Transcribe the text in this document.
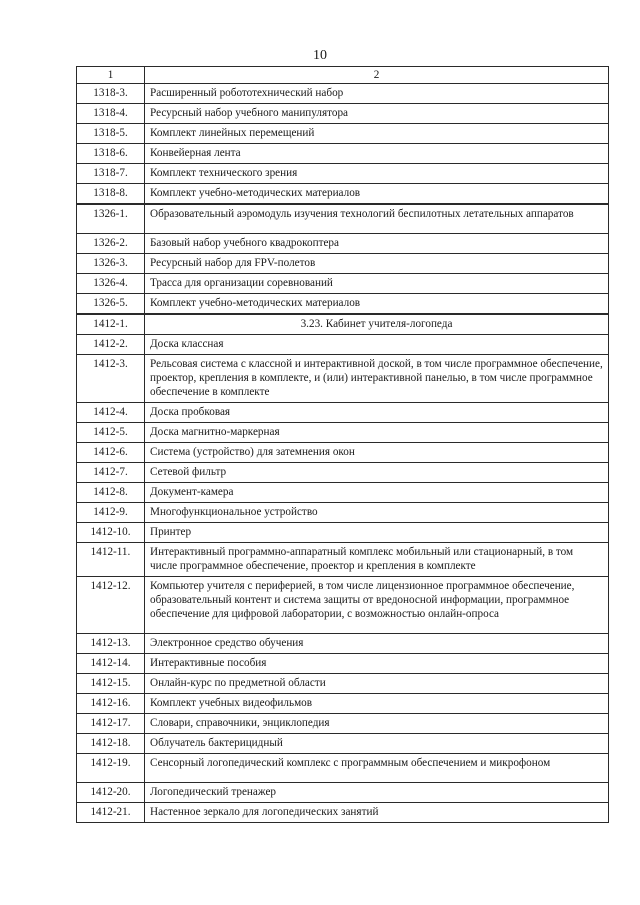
10
1	2
1318-3.	Расширенный робототехнический набор
1318-4.	Ресурсный набор учебного манипулятора
1318-5.	Комплект линейных перемещений
1318-6.	Конвейерная лента
1318-7.	Комплект технического зрения
1318-8.	Комплект учебно-методических материалов
1326-1.	Образовательный аэромодуль изучения технологий беспилотных летательных аппаратов
1326-2.	Базовый набор учебного квадрокоптера
1326-3.	Ресурсный набор для FPV-полетов
1326-4.	Трасса для организации соревнований
1326-5.	Комплект учебно-методических материалов
1412-1.	3.23. Кабинет учителя-логопеда
1412-2.	Доска классная
1412-3.	Рельсовая система с классной и интерактивной доской, в том числе программное обеспечение, проектор, крепления в комплекте, и (или) интерактивной панелью, в том числе программное обеспечение в комплекте
1412-4.	Доска пробковая
1412-5.	Доска магнитно-маркерная
1412-6.	Система (устройство) для затемнения окон
1412-7.	Сетевой фильтр
1412-8.	Документ-камера
1412-9.	Многофункциональное устройство
1412-10.	Принтер
1412-11.	Интерактивный программно-аппаратный комплекс мобильный или стационарный, в том числе программное обеспечение, проектор и крепления в комплекте
1412-12.	Компьютер учителя с периферией, в том числе лицензионное программное обеспечение, образовательный контент и система защиты от вредоносной информации, программное обеспечение для цифровой лаборатории, с возможностью онлайн-опроса
1412-13.	Электронное средство обучения
1412-14.	Интерактивные пособия
1412-15.	Онлайн-курс по предметной области
1412-16.	Комплект учебных видеофильмов
1412-17.	Словари, справочники, энциклопедия
1412-18.	Облучатель бактерицидный
1412-19.	Сенсорный логопедический комплекс с программным обеспечением и микрофоном
1412-20.	Логопедический тренажер
1412-21.	Настенное зеркало для логопедических занятий
